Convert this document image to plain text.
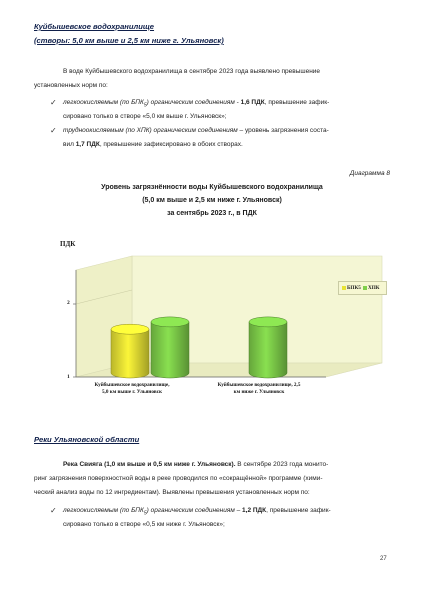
Куйбышевское водохранилище
(створы: 5,0 км выше и 2,5 км ниже г. Ульяновск)
В воде Куйбышевского водохранилища в сентябре 2023 года выявлено превышение
установленных норм по:
✓ легкоокисляемым (по $БПК_5$) органическим соединениям - 1,6 ПДК, превышение зафик-
сировано только в створе «5,0 км выше г. Ульяновск»;
✓ трудноокисляемым (по ХПК) органическим соединениям – уровень загрязнения соста-
вил 1,7 ПДК, превышение зафиксировано в обоих створах.
Диаграмма 8
Уровень загрязнённости воды Куйбышевского водохранилища
(5,0 км выше и 2,5 км ниже г. Ульяновск)
за сентябрь 2023 г., в ПДК
ПДК
2
1
БПК5	ХПК
Куйбышевское водохранилище,
5,0 км выше г. Ульяновск
Куйбышевское водохранилище, 2,5
км ниже г. Ульяновск
Реки Ульяновской области
Река Свияга (1,0 км выше и 0,5 км ниже г. Ульяновск). В сентябре 2023 года монито-
ринг загрязнения поверхностной воды в реке проводился по «сокращённой» программе (хими-
ческий анализ воды по 12 ингредиентам). Выявлены превышения установленных норм по:
✓ легкоокисляемым (по $БПК_5$) органическим соединениям – 1,2 ПДК, превышение зафик-
сировано только в створе «0,5 км ниже г. Ульяновск»;
27
